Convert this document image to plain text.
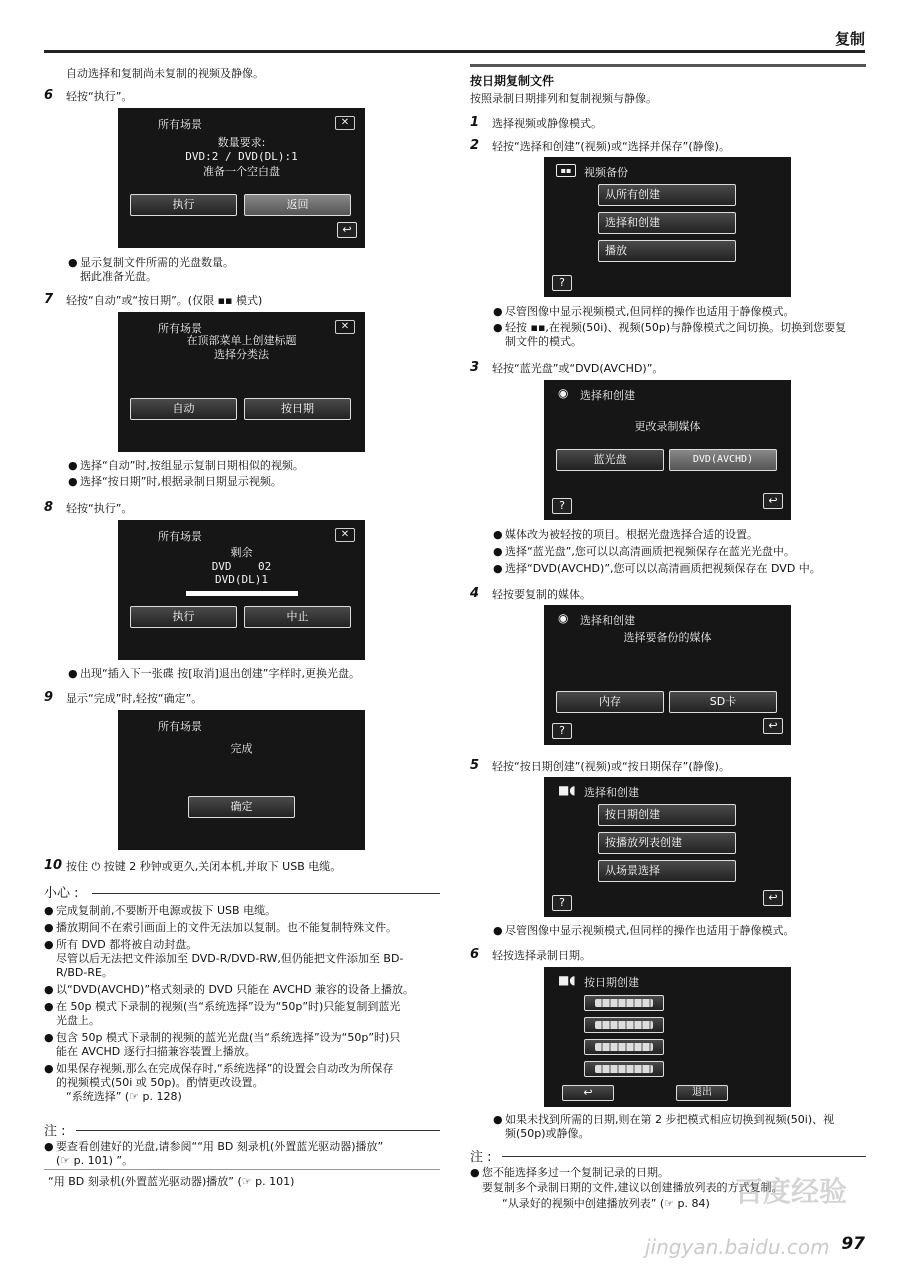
复制
自动选择和复制尚未复制的视频及静像。
6 轻按“执行”。
所有场景	✕
数量要求:
DVD:2 / DVD(DL):1
准备一个空白盘
执行	返回
↩
● 显示复制文件所需的光盘数量。
据此准备光盘。
7 轻按“自动”或“按日期”。(仅限 ▪▪ 模式)
所有场景	✕
在顶部菜单上创建标题
选择分类法
自动	按日期
● 选择“自动”时,按组显示复制日期相似的视频。
● 选择“按日期”时,根据录制日期显示视频。
8 轻按“执行”。
所有场景	✕
剩余
DVD    02
DVD(DL)1
执行	中止
● 出现“插入下一张碟 按[取消]退出创建”字样时,更换光盘。
9 显示“完成”时,轻按“确定”。
所有场景
完成
确定
10 按住 ⏻ 按键 2 秒钟或更久,关闭本机,并取下 USB 电缆。
小心 :
● 完成复制前,不要断开电源或拔下 USB 电缆。
● 播放期间不在索引画面上的文件无法加以复制。也不能复制特殊文件。
● 所有 DVD 都将被自动封盘。
尽管以后无法把文件添加至 DVD-R/DVD-RW,但仍能把文件添加至 BD-
R/BD-RE。
● 以“DVD(AVCHD)”格式刻录的 DVD 只能在 AVCHD 兼容的设备上播放。
● 在 50p 模式下录制的视频(当“系统选择”设为“50p”时)只能复制到蓝光
光盘上。
● 包含 50p 模式下录制的视频的蓝光光盘(当“系统选择”设为“50p”时)只
能在 AVCHD 逐行扫描兼容装置上播放。
● 如果保存视频,那么在完成保存时,“系统选择”的设置会自动改为所保存
的视频模式(50i 或 50p)。酌情更改设置。
“系统选择” (☞ p. 128)
注 :
● 要查看创建好的光盘,请参阅““用 BD 刻录机(外置蓝光驱动器)播放”
(☞ p. 101) ”。
“用 BD 刻录机(外置蓝光驱动器)播放” (☞ p. 101)
按日期复制文件
按照录制日期排列和复制视频与静像。
1 选择视频或静像模式。
2 轻按“选择和创建”(视频)或“选择并保存”(静像)。
▪▪	视频备份
从所有创建
选择和创建
播放
?
● 尽管图像中显示视频模式,但同样的操作也适用于静像模式。
● 轻按 ▪▪,在视频(50i)、视频(50p)与静像模式之间切换。切换到您要复
制文件的模式。
3 轻按“蓝光盘”或“DVD(AVCHD)”。
◉ 选择和创建
更改录制媒体
蓝光盘	DVD(AVCHD)
?	↩
● 媒体改为被轻按的项目。根据光盘选择合适的设置。
● 选择“蓝光盘”,您可以以高清画质把视频保存在蓝光光盘中。
● 选择“DVD(AVCHD)”,您可以以高清画质把视频保存在 DVD 中。
4 轻按要复制的媒体。
◉ 选择和创建
选择要备份的媒体
内存	SD卡
?	↩
5 轻按“按日期创建”(视频)或“按日期保存”(静像)。
■◖ 选择和创建
按日期创建
按播放列表创建
从场景选择
?	↩
● 尽管图像中显示视频模式,但同样的操作也适用于静像模式。
6 轻按选择录制日期。
■◖ 按日期创建
↩	退出
● 如果未找到所需的日期,则在第 2 步把模式相应切换到视频(50i)、视
频(50p)或静像。
注 :
● 您不能选择多过一个复制记录的日期。
要复制多个录制日期的文件,建议以创建播放列表的方式复制。
“从录好的视频中创建播放列表” (☞ p. 84) 百度经验
jingyan.baidu.com 97
